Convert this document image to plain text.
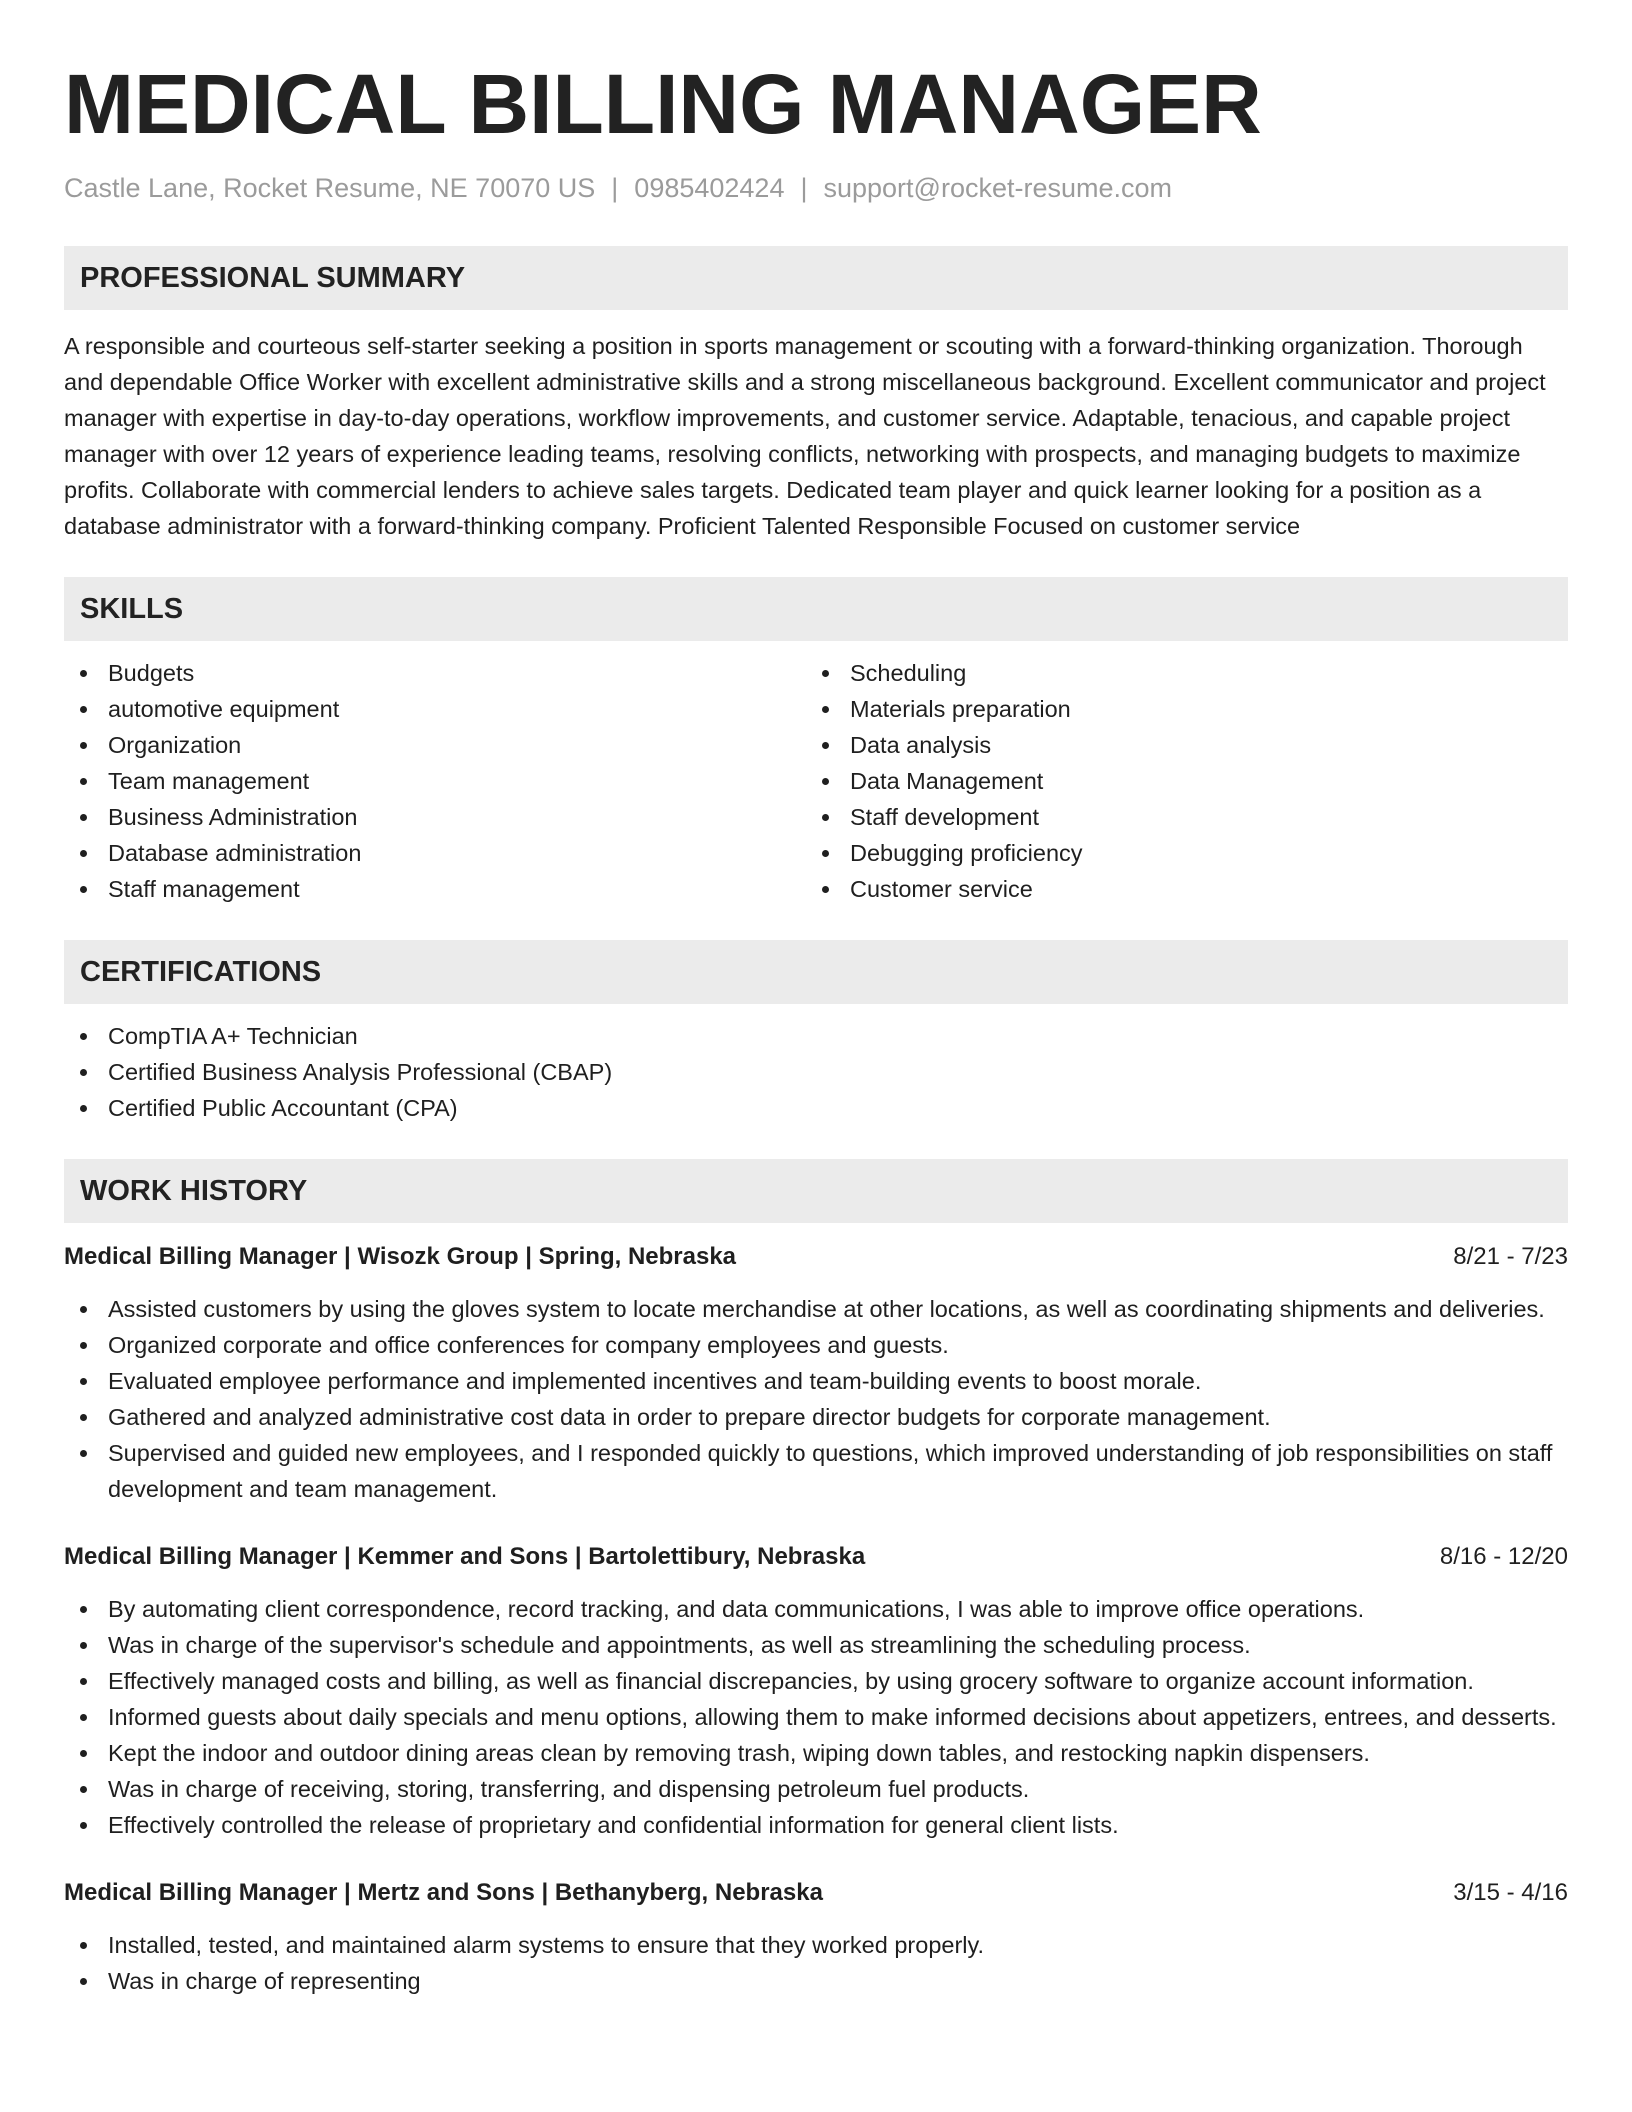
MEDICAL BILLING MANAGER
Castle Lane, Rocket Resume, NE 70070 US | 0985402424 | support@rocket-resume.com
PROFESSIONAL SUMMARY
A responsible and courteous self-starter seeking a position in sports management or scouting with a forward-thinking organization. Thorough and dependable Office Worker with excellent administrative skills and a strong miscellaneous background. Excellent communicator and project manager with expertise in day-to-day operations, workflow improvements, and customer service. Adaptable, tenacious, and capable project manager with over 12 years of experience leading teams, resolving conflicts, networking with prospects, and managing budgets to maximize profits. Collaborate with commercial lenders to achieve sales targets. Dedicated team player and quick learner looking for a position as a database administrator with a forward-thinking company. Proficient Talented Responsible Focused on customer service
SKILLS
Budgets
automotive equipment
Organization
Team management
Business Administration
Database administration
Staff management
Scheduling
Materials preparation
Data analysis
Data Management
Staff development
Debugging proficiency
Customer service
CERTIFICATIONS
CompTIA A+ Technician
Certified Business Analysis Professional (CBAP)
Certified Public Accountant (CPA)
WORK HISTORY
Medical Billing Manager | Wisozk Group | Spring, Nebraska	8/21 - 7/23
Assisted customers by using the gloves system to locate merchandise at other locations, as well as coordinating shipments and deliveries.
Organized corporate and office conferences for company employees and guests.
Evaluated employee performance and implemented incentives and team-building events to boost morale.
Gathered and analyzed administrative cost data in order to prepare director budgets for corporate management.
Supervised and guided new employees, and I responded quickly to questions, which improved understanding of job responsibilities on staff development and team management.
Medical Billing Manager | Kemmer and Sons | Bartolettibury, Nebraska	8/16 - 12/20
By automating client correspondence, record tracking, and data communications, I was able to improve office operations.
Was in charge of the supervisor's schedule and appointments, as well as streamlining the scheduling process.
Effectively managed costs and billing, as well as financial discrepancies, by using grocery software to organize account information.
Informed guests about daily specials and menu options, allowing them to make informed decisions about appetizers, entrees, and desserts.
Kept the indoor and outdoor dining areas clean by removing trash, wiping down tables, and restocking napkin dispensers.
Was in charge of receiving, storing, transferring, and dispensing petroleum fuel products.
Effectively controlled the release of proprietary and confidential information for general client lists.
Medical Billing Manager | Mertz and Sons | Bethanyberg, Nebraska	3/15 - 4/16
Installed, tested, and maintained alarm systems to ensure that they worked properly.
Was in charge of representing
